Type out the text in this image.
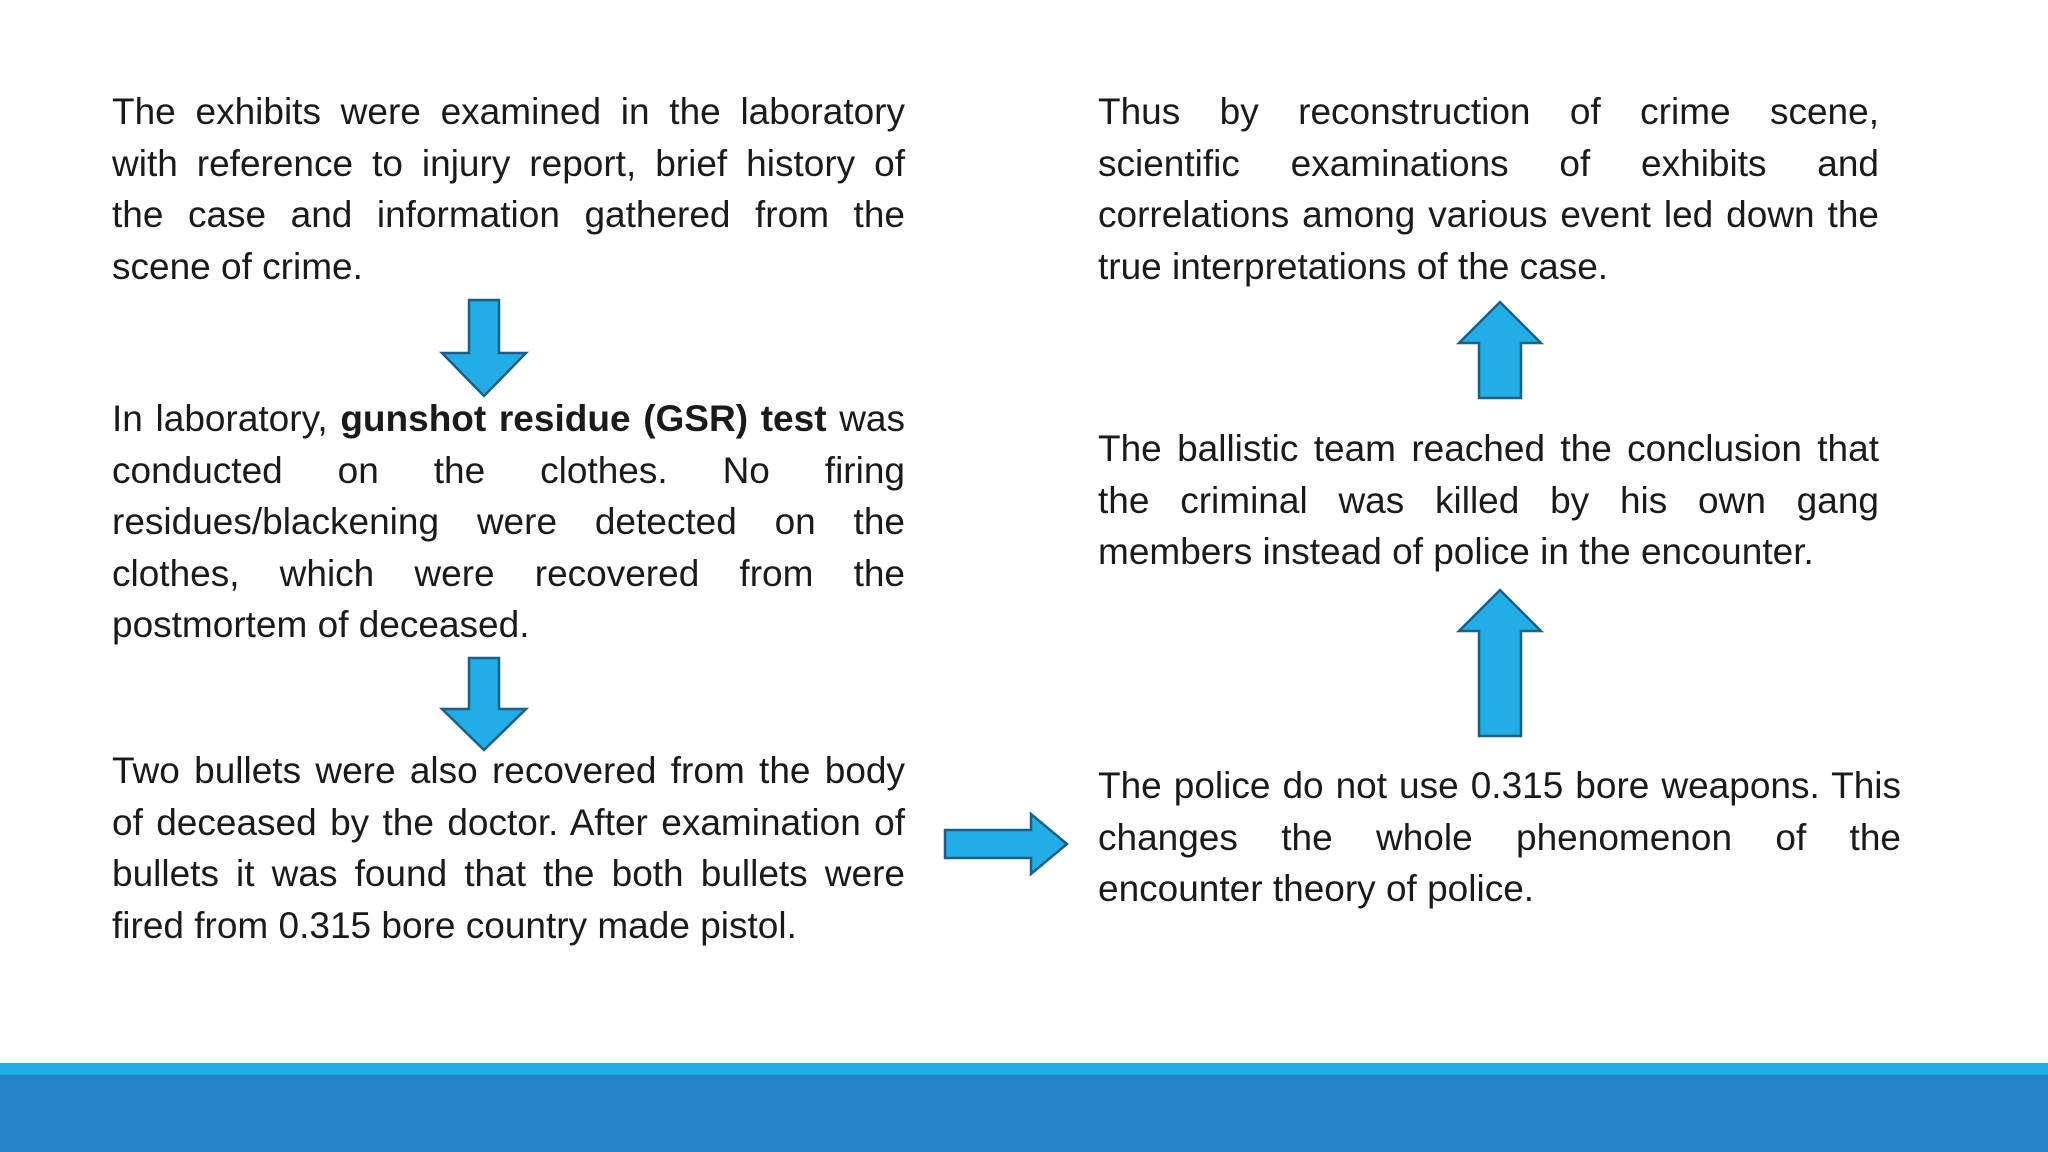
The exhibits were examined in the laboratory with reference to injury report, brief history of the case and information gathered from the scene of crime.

In laboratory, gunshot residue (GSR) test was conducted on the clothes. No firing residues/blackening were detected on the clothes, which were recovered from the postmortem of deceased.

Two bullets were also recovered from the body of deceased by the doctor. After examination of bullets it was found that the both bullets were fired from 0.315 bore country made pistol.

Thus by reconstruction of crime scene, scientific examinations of exhibits and correlations among various event led down the true interpretations of the case.

The ballistic team reached the conclusion that the criminal was killed by his own gang members instead of police in the encounter.

The police do not use 0.315 bore weapons. This changes the whole phenomenon of the encounter theory of police.
